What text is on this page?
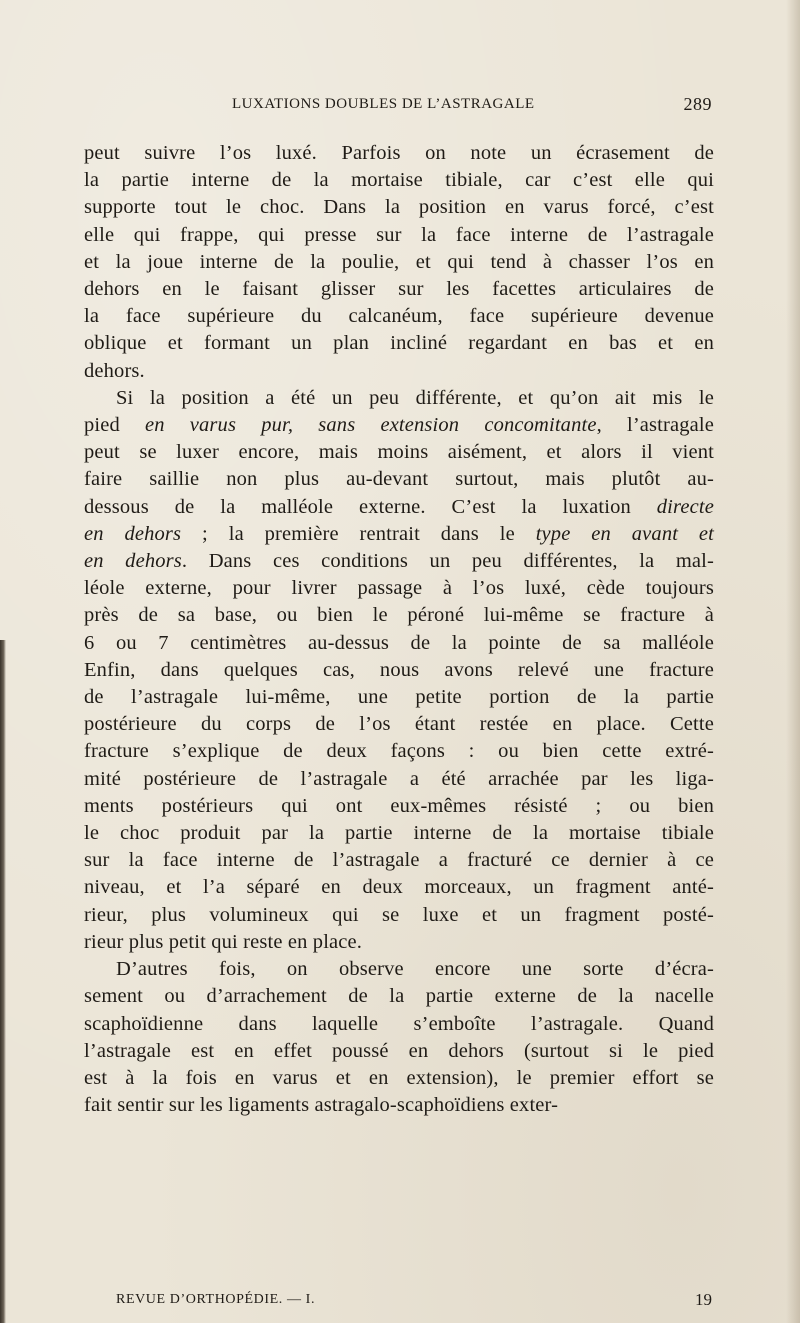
LUXATIONS DOUBLES DE L’ASTRAGALE	289
peut suivre l’os luxé. Parfois on note un écrasement de
la partie interne de la mortaise tibiale, car c’est elle qui
supporte tout le choc. Dans la position en varus forcé, c’est
elle qui frappe, qui presse sur la face interne de l’astragale
et la joue interne de la poulie, et qui tend à chasser l’os en
dehors en le faisant glisser sur les facettes articulaires de
la face supérieure du calcanéum, face supérieure devenue
oblique et formant un plan incliné regardant en bas et en
dehors.
Si la position a été un peu différente, et qu’on ait mis le
pied en varus pur, sans extension concomitante, l’astragale
peut se luxer encore, mais moins aisément, et alors il vient
faire saillie non plus au-devant surtout, mais plutôt au-
dessous de la malléole externe. C’est la luxation directe
en dehors ; la première rentrait dans le type en avant et
en dehors. Dans ces conditions un peu différentes, la mal-
léole externe, pour livrer passage à l’os luxé, cède toujours
près de sa base, ou bien le péroné lui-même se fracture à
6 ou 7 centimètres au-dessus de la pointe de sa malléole
Enfin, dans quelques cas, nous avons relevé une fracture
de l’astragale lui-même, une petite portion de la partie
postérieure du corps de l’os étant restée en place. Cette
fracture s’explique de deux façons : ou bien cette extré-
mité postérieure de l’astragale a été arrachée par les liga-
ments postérieurs qui ont eux-mêmes résisté ; ou bien
le choc produit par la partie interne de la mortaise tibiale
sur la face interne de l’astragale a fracturé ce dernier à ce
niveau, et l’a séparé en deux morceaux, un fragment anté-
rieur, plus volumineux qui se luxe et un fragment posté-
rieur plus petit qui reste en place.
D’autres fois, on observe encore une sorte d’écra-
sement ou d’arrachement de la partie externe de la nacelle
scaphoïdienne dans laquelle s’emboîte l’astragale. Quand
l’astragale est en effet poussé en dehors (surtout si le pied
est à la fois en varus et en extension), le premier effort se
fait sentir sur les ligaments astragalo-scaphoïdiens exter-
REVUE D’ORTHOPÉDIE. — I.	19
